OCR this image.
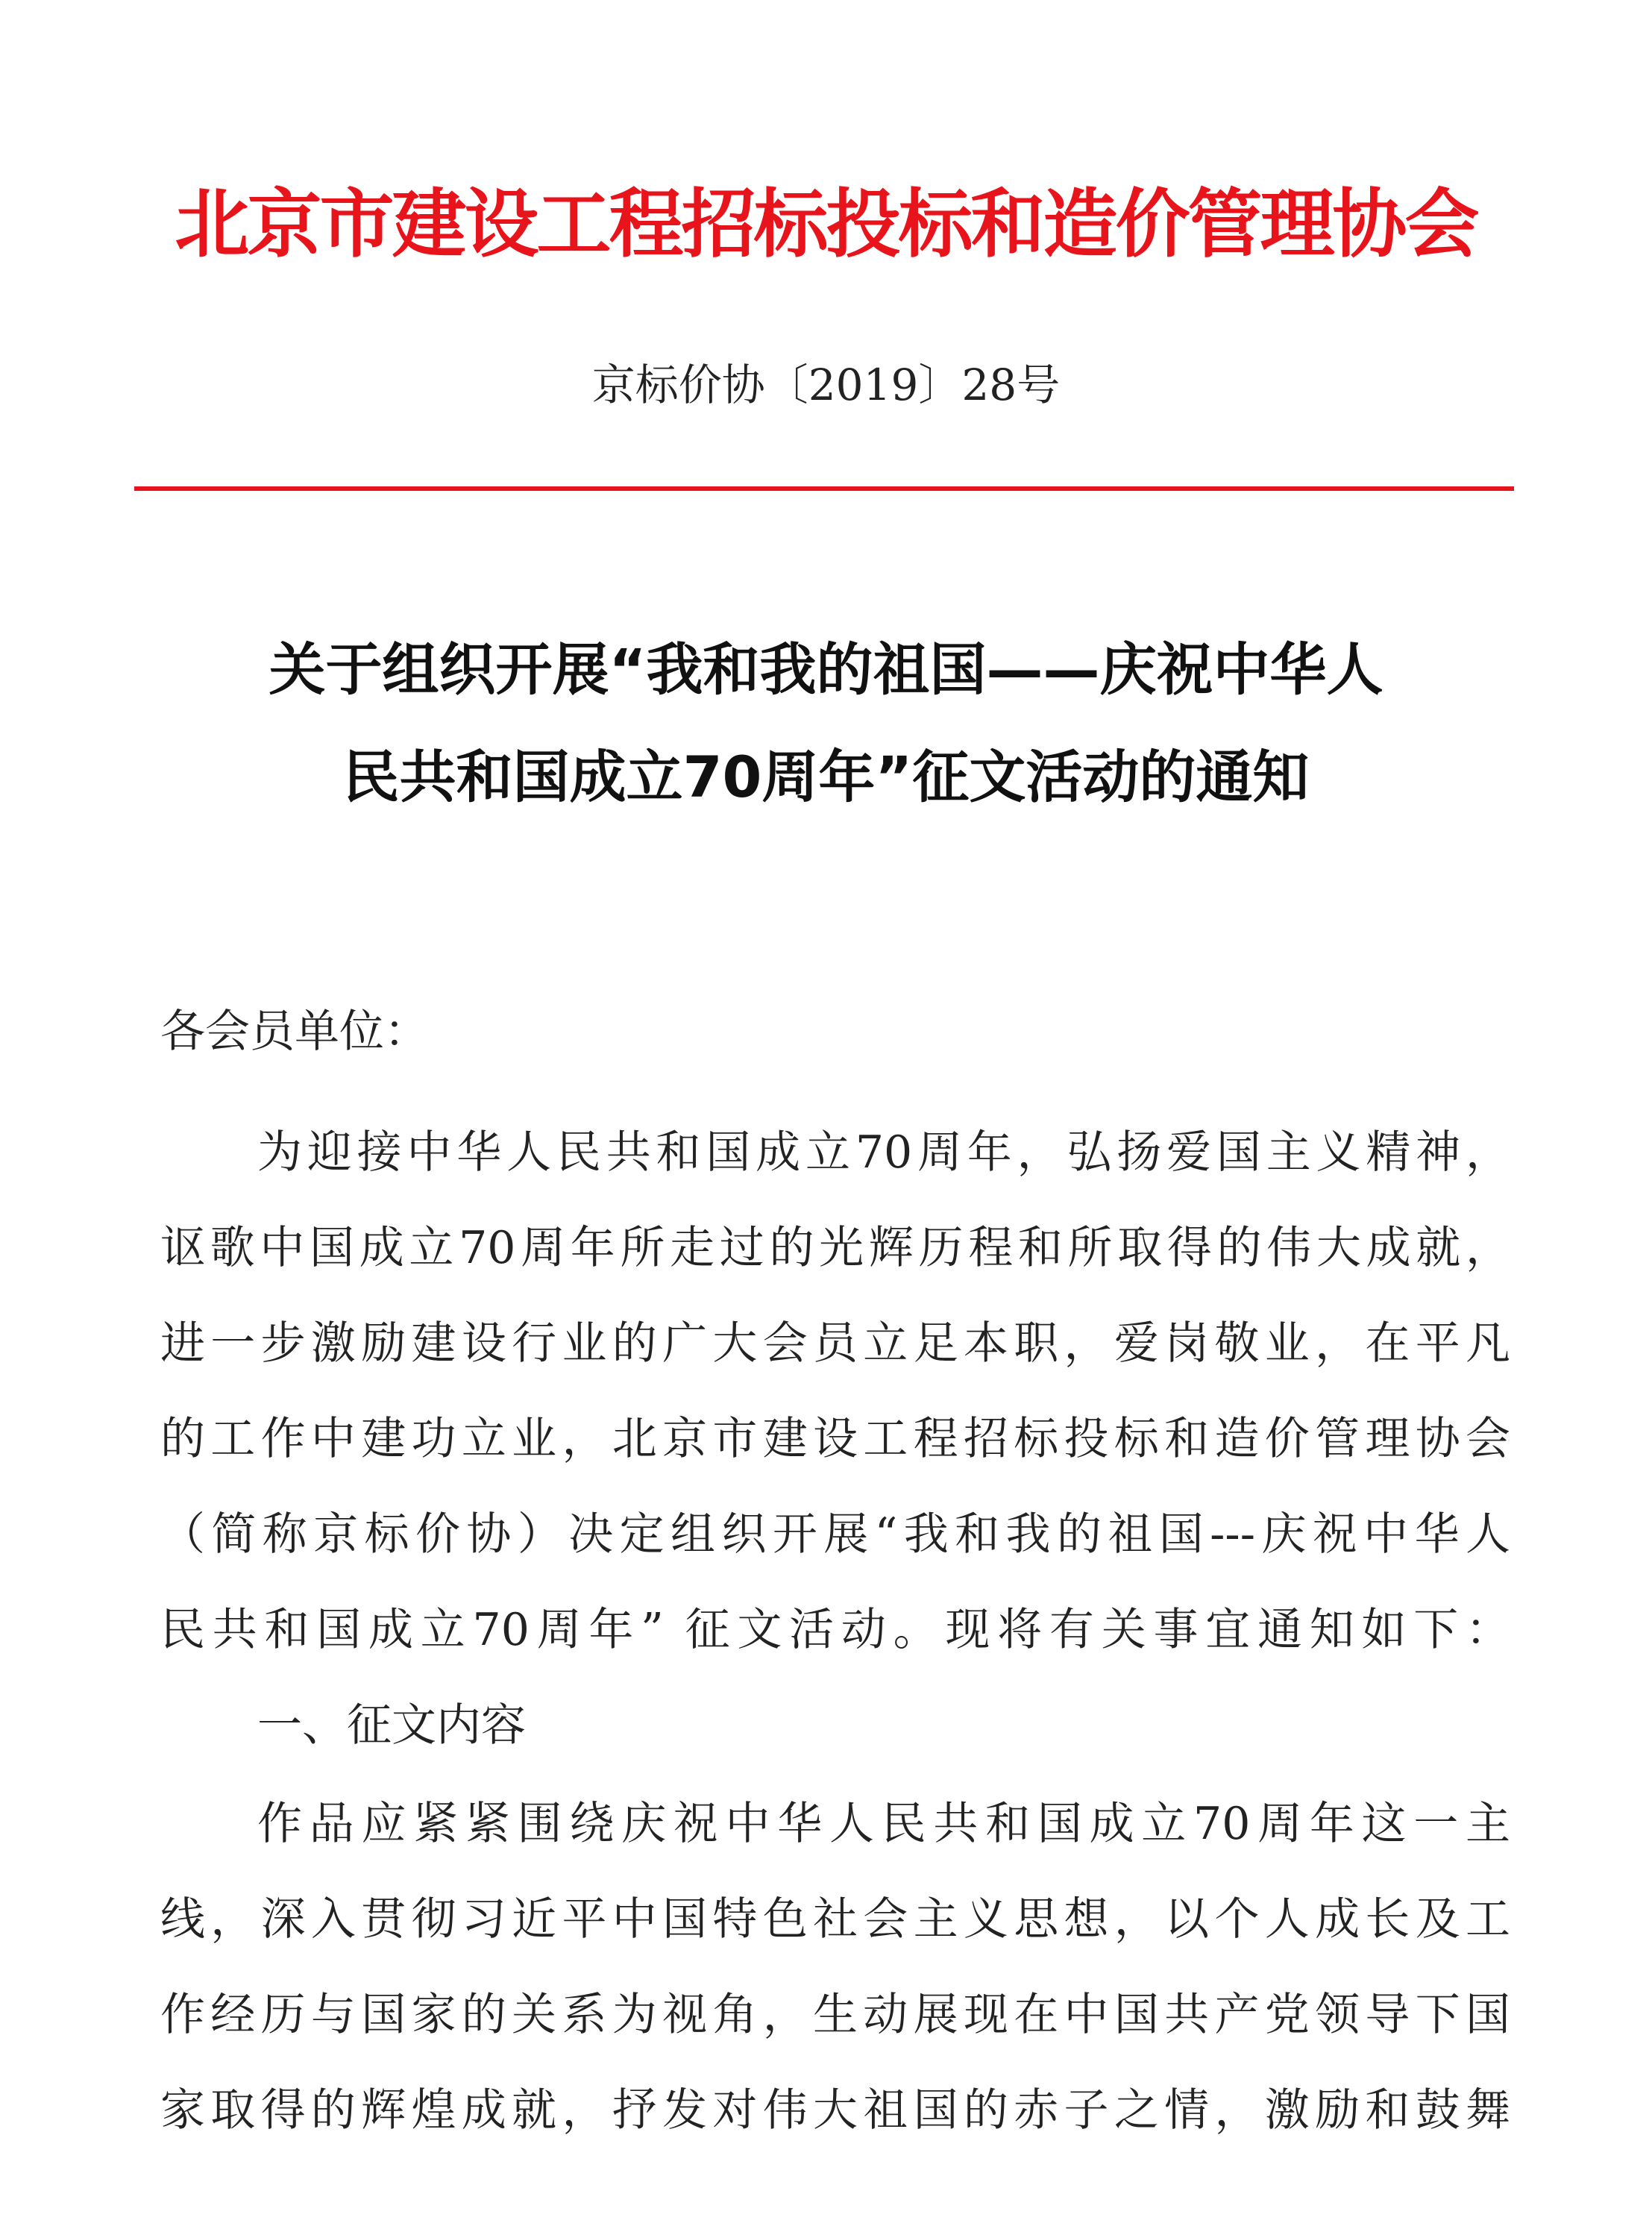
北京市建设工程招标投标和造价管理协会
京标价协〔2019〕28号
关于组织开展“我和我的祖国——庆祝中华人
民共和国成立70周年”征文活动的通知
各会员单位：
为迎接中华人民共和国成立70周年，弘扬爱国主义精神，
讴歌中国成立70周年所走过的光辉历程和所取得的伟大成就，
进一步激励建设行业的广大会员立足本职，爱岗敬业，在平凡
的工作中建功立业，北京市建设工程招标投标和造价管理协会
（简称京标价协）决定组织开展“我和我的祖国---庆祝中华人
民共和国成立70周年” 征文活动。现将有关事宜通知如下：
一、征文内容
作品应紧紧围绕庆祝中华人民共和国成立70周年这一主
线，深入贯彻习近平中国特色社会主义思想，以个人成长及工
作经历与国家的关系为视角，生动展现在中国共产党领导下国
家取得的辉煌成就，抒发对伟大祖国的赤子之情，激励和鼓舞
